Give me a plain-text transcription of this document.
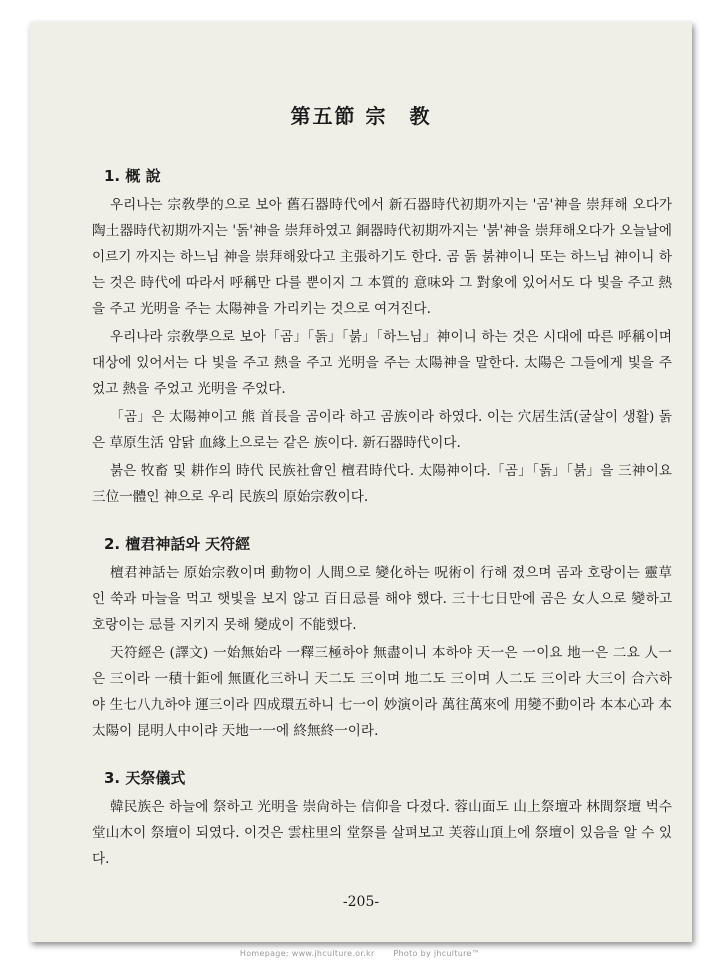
第五節 宗　教
1. 概 說

우리나는 宗敎學的으로 보아 舊石器時代에서 新石器時代初期까지는 '곰'神을 崇拜해 오다가 陶土器時代初期까지는 '돍'神을 崇拜하였고 銅器時代初期까지는 '붉'神을 崇拜해오다가 오늘날에 이르기 까지는 하느님 神을 崇拜해왔다고 主張하기도 한다. 곰 돍 붉神이니 또는 하느님 神이니 하는 것은 時代에 따라서 呼稱만 다를 뿐이지 그 本質的 意味와 그 對象에 있어서도 다 빛을 주고 熱을 주고 光明을 주는 太陽神을 가리키는 것으로 여겨진다.

우리나라 宗敎學으로 보아「곰」「돍」「붉」「하느님」神이니 하는 것은 시대에 따른 呼稱이며 대상에 있어서는 다 빛을 주고 熱을 주고 光明을 주는 太陽神을 말한다. 太陽은 그들에게 빛을 주었고 熱을 주었고 光明을 주었다.

「곰」은 太陽神이고 熊 首長을 곰이라 하고 곰族이라 하였다. 이는 穴居生活(굴살이 생활) 돍은 草原生活 암닭 血緣上으로는 같은 族이다. 新石器時代이다.

붉은 牧畜 및 耕作의 時代 民族社會인 檀君時代다. 太陽神이다.「곰」「돍」「붉」을 三神이요 三位一體인 神으로 우리 民族의 原始宗敎이다.

2. 檀君神話와 天符經

檀君神話는 原始宗敎이며 動物이 人間으로 變化하는 呪術이 行해 졌으며 곰과 호랑이는 靈草인 쑥과 마늘을 먹고 햇빛을 보지 않고 百日忌를 해야 했다. 三十七日만에 곰은 女人으로 變하고 호랑이는 忌를 지키지 못해 變成이 不能했다.

天符經은 (譯文) 一始無始라 一釋三極하야 無盡이니 本하야 天一은 一이요 地一은 二요 人一은 三이라 一積十鉅에 無匱化三하니 天二도 三이며 地二도 三이며 人二도 三이라 大三이 合六하야 生七八九하야 運三이라 四成環五하니 七一이 妙演이라 萬往萬來에 用變不動이라 本本心과 本太陽이 昆明人中이랴 天地一一에 終無終一이라.

3. 天祭儀式

韓民族은 하늘에 祭하고 光明을 崇尙하는 信仰을 다졌다. 蓉山面도 山上祭壇과 林間祭壇 벅수 堂山木이 祭壇이 되였다. 이것은 雲柱里의 堂祭를 살펴보고 芙蓉山頂上에 祭壇이 있음을 알 수 있다.

-205-
Homepage: www.jhculture.or.kr Photo by jhculture™
